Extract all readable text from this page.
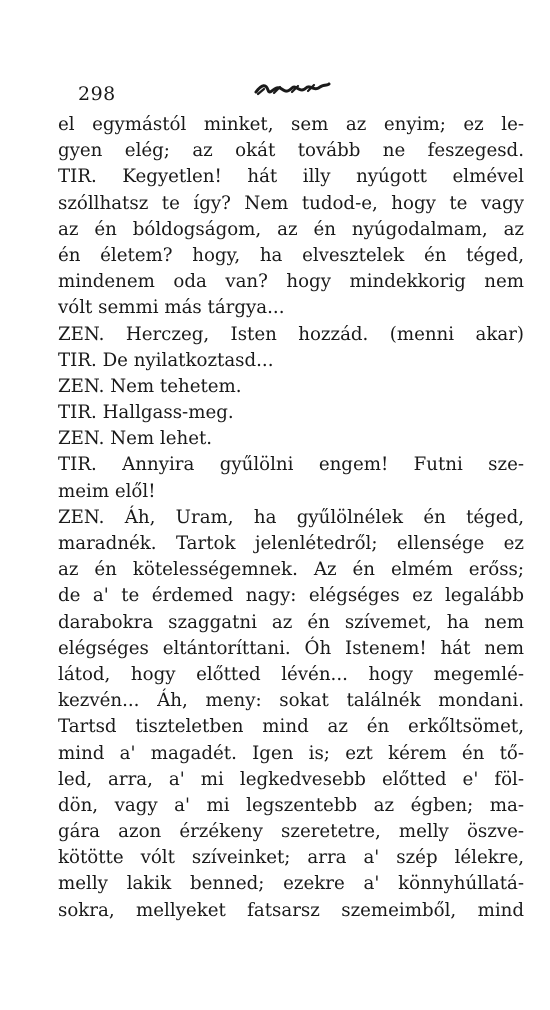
298
el egymástól minket, sem az enyim; ez le-
gyen elég; az okát tovább ne feszegesd.
TIR. Kegyetlen! hát illy nyúgott elmével
szóllhatsz te így? Nem tudod-e, hogy te vagy
az én bóldogságom, az én nyúgodalmam, az
én életem? hogy, ha elvesztelek én téged,
mindenem oda van? hogy mindekkorig nem
vólt semmi más tárgya...
ZEN. Herczeg, Isten hozzád. (menni akar)
TIR. De nyilatkoztasd...
ZEN. Nem tehetem.
TIR. Hallgass-meg.
ZEN. Nem lehet.
TIR. Annyira gyűlölni engem! Futni sze-
meim elől!
ZEN. Áh, Uram, ha gyűlölnélek én téged,
maradnék. Tartok jelenlétedről; ellensége ez
az én kötelességemnek. Az én elmém erőss;
de a' te érdemed nagy: elégséges ez legalább
darabokra szaggatni az én szívemet, ha nem
elégséges eltántoríttani. Óh Istenem! hát nem
látod, hogy előtted lévén... hogy megemlé-
kezvén... Áh, meny: sokat találnék mondani.
Tartsd tiszteletben mind az én erkőltsömet,
mind a' magadét. Igen is; ezt kérem én tő-
led, arra, a' mi legkedvesebb előtted e' föl-
dön, vagy a' mi legszentebb az égben; ma-
gára azon érzékeny szeretetre, melly öszve-
kötötte vólt szíveinket; arra a' szép lélekre,
melly lakik benned; ezekre a' könnyhúllatá-
sokra, mellyeket fatsarsz szemeimből, mind
